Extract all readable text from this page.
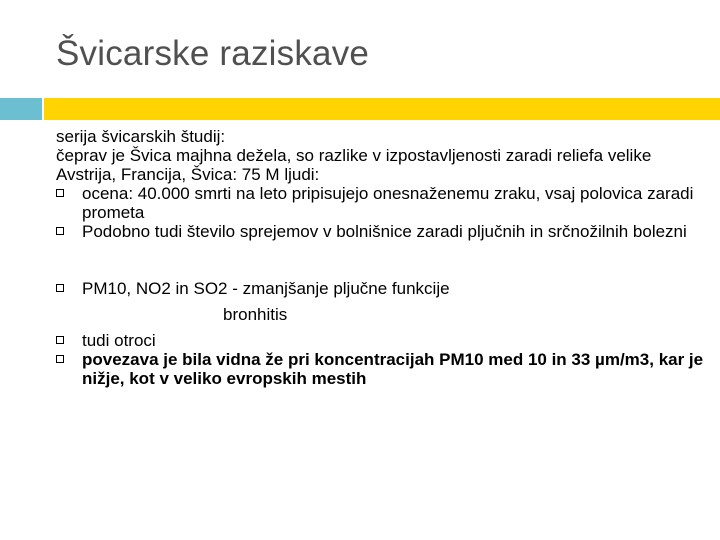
Švicarske raziskave

serija švicarskih študij:

čeprav je Švica majhna dežela, so razlike v izpostavljenosti zaradi reliefa velike

Avstrija, Francija, Švica: 75 M ljudi:

ocena: 40.000 smrti na leto pripisujejo onesnaženemu zraku, vsaj polovica zaradi prometa
Podobno tudi število sprejemov v bolnišnice zaradi pljučnih in srčnožilnih bolezni
PM10, NO2 in SO2 - zmanjšanje pljučne funkcije

bronhitis

tudi otroci
povezava je bila vidna že pri koncentracijah PM10 med 10 in 33 µm/m3, kar je nižje, kot v veliko evropskih mestih
